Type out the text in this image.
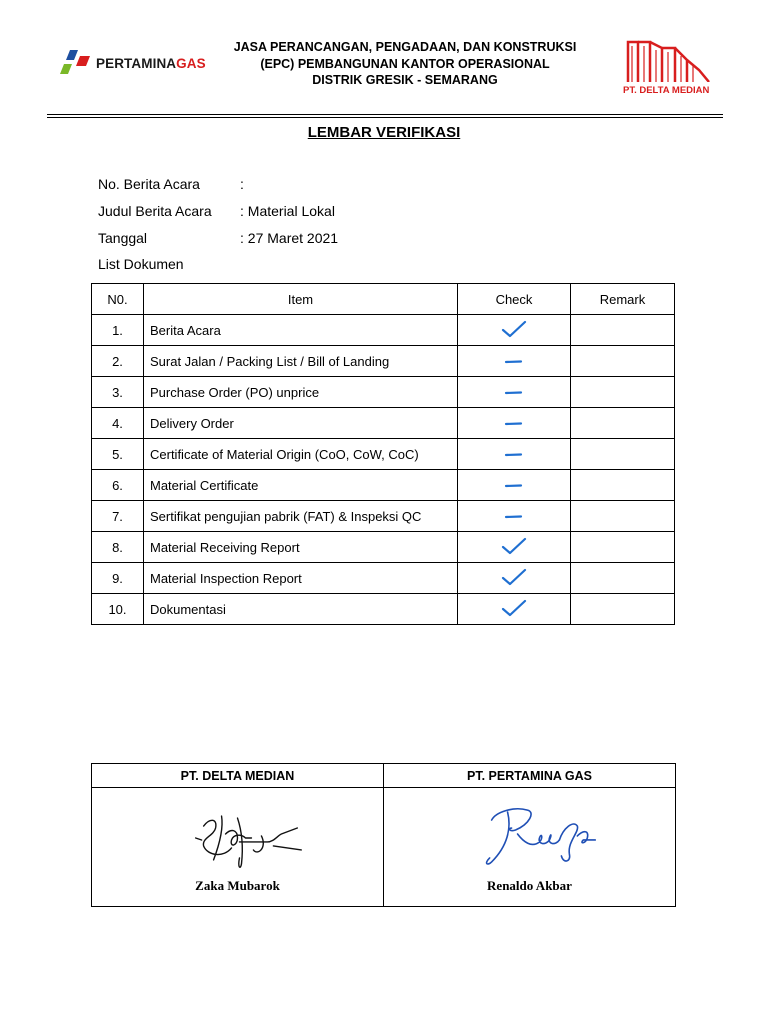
PERTAMINAGAS
JASA PERANCANGAN, PENGADAAN, DAN KONSTRUKSI
(EPC) PEMBANGUNAN KANTOR OPERASIONAL
DISTRIK GRESIK - SEMARANG
PT. DELTA MEDIAN
LEMBAR VERIFIKASI
No. Berita Acara	:
Judul Berita Acara : Material Lokal
Tanggal	: 27 Maret 2021
List Dokumen
N0.	Item	Check	Remark
1.	Berita Acara		
2.	Surat Jalan / Packing List / Bill of Landing		
3.	Purchase Order (PO) unprice		
4.	Delivery Order		
5.	Certificate of Material Origin (CoO, CoW, CoC)		
6.	Material Certificate		
7.	Sertifikat pengujian pabrik (FAT) & Inspeksi QC		
8.	Material Receiving Report		
9.	Material Inspection Report		
10.	Dokumentasi		
PT. DELTA MEDIAN	PT. PERTAMINA GAS

Zaka Mubarok	Renaldo Akbar
